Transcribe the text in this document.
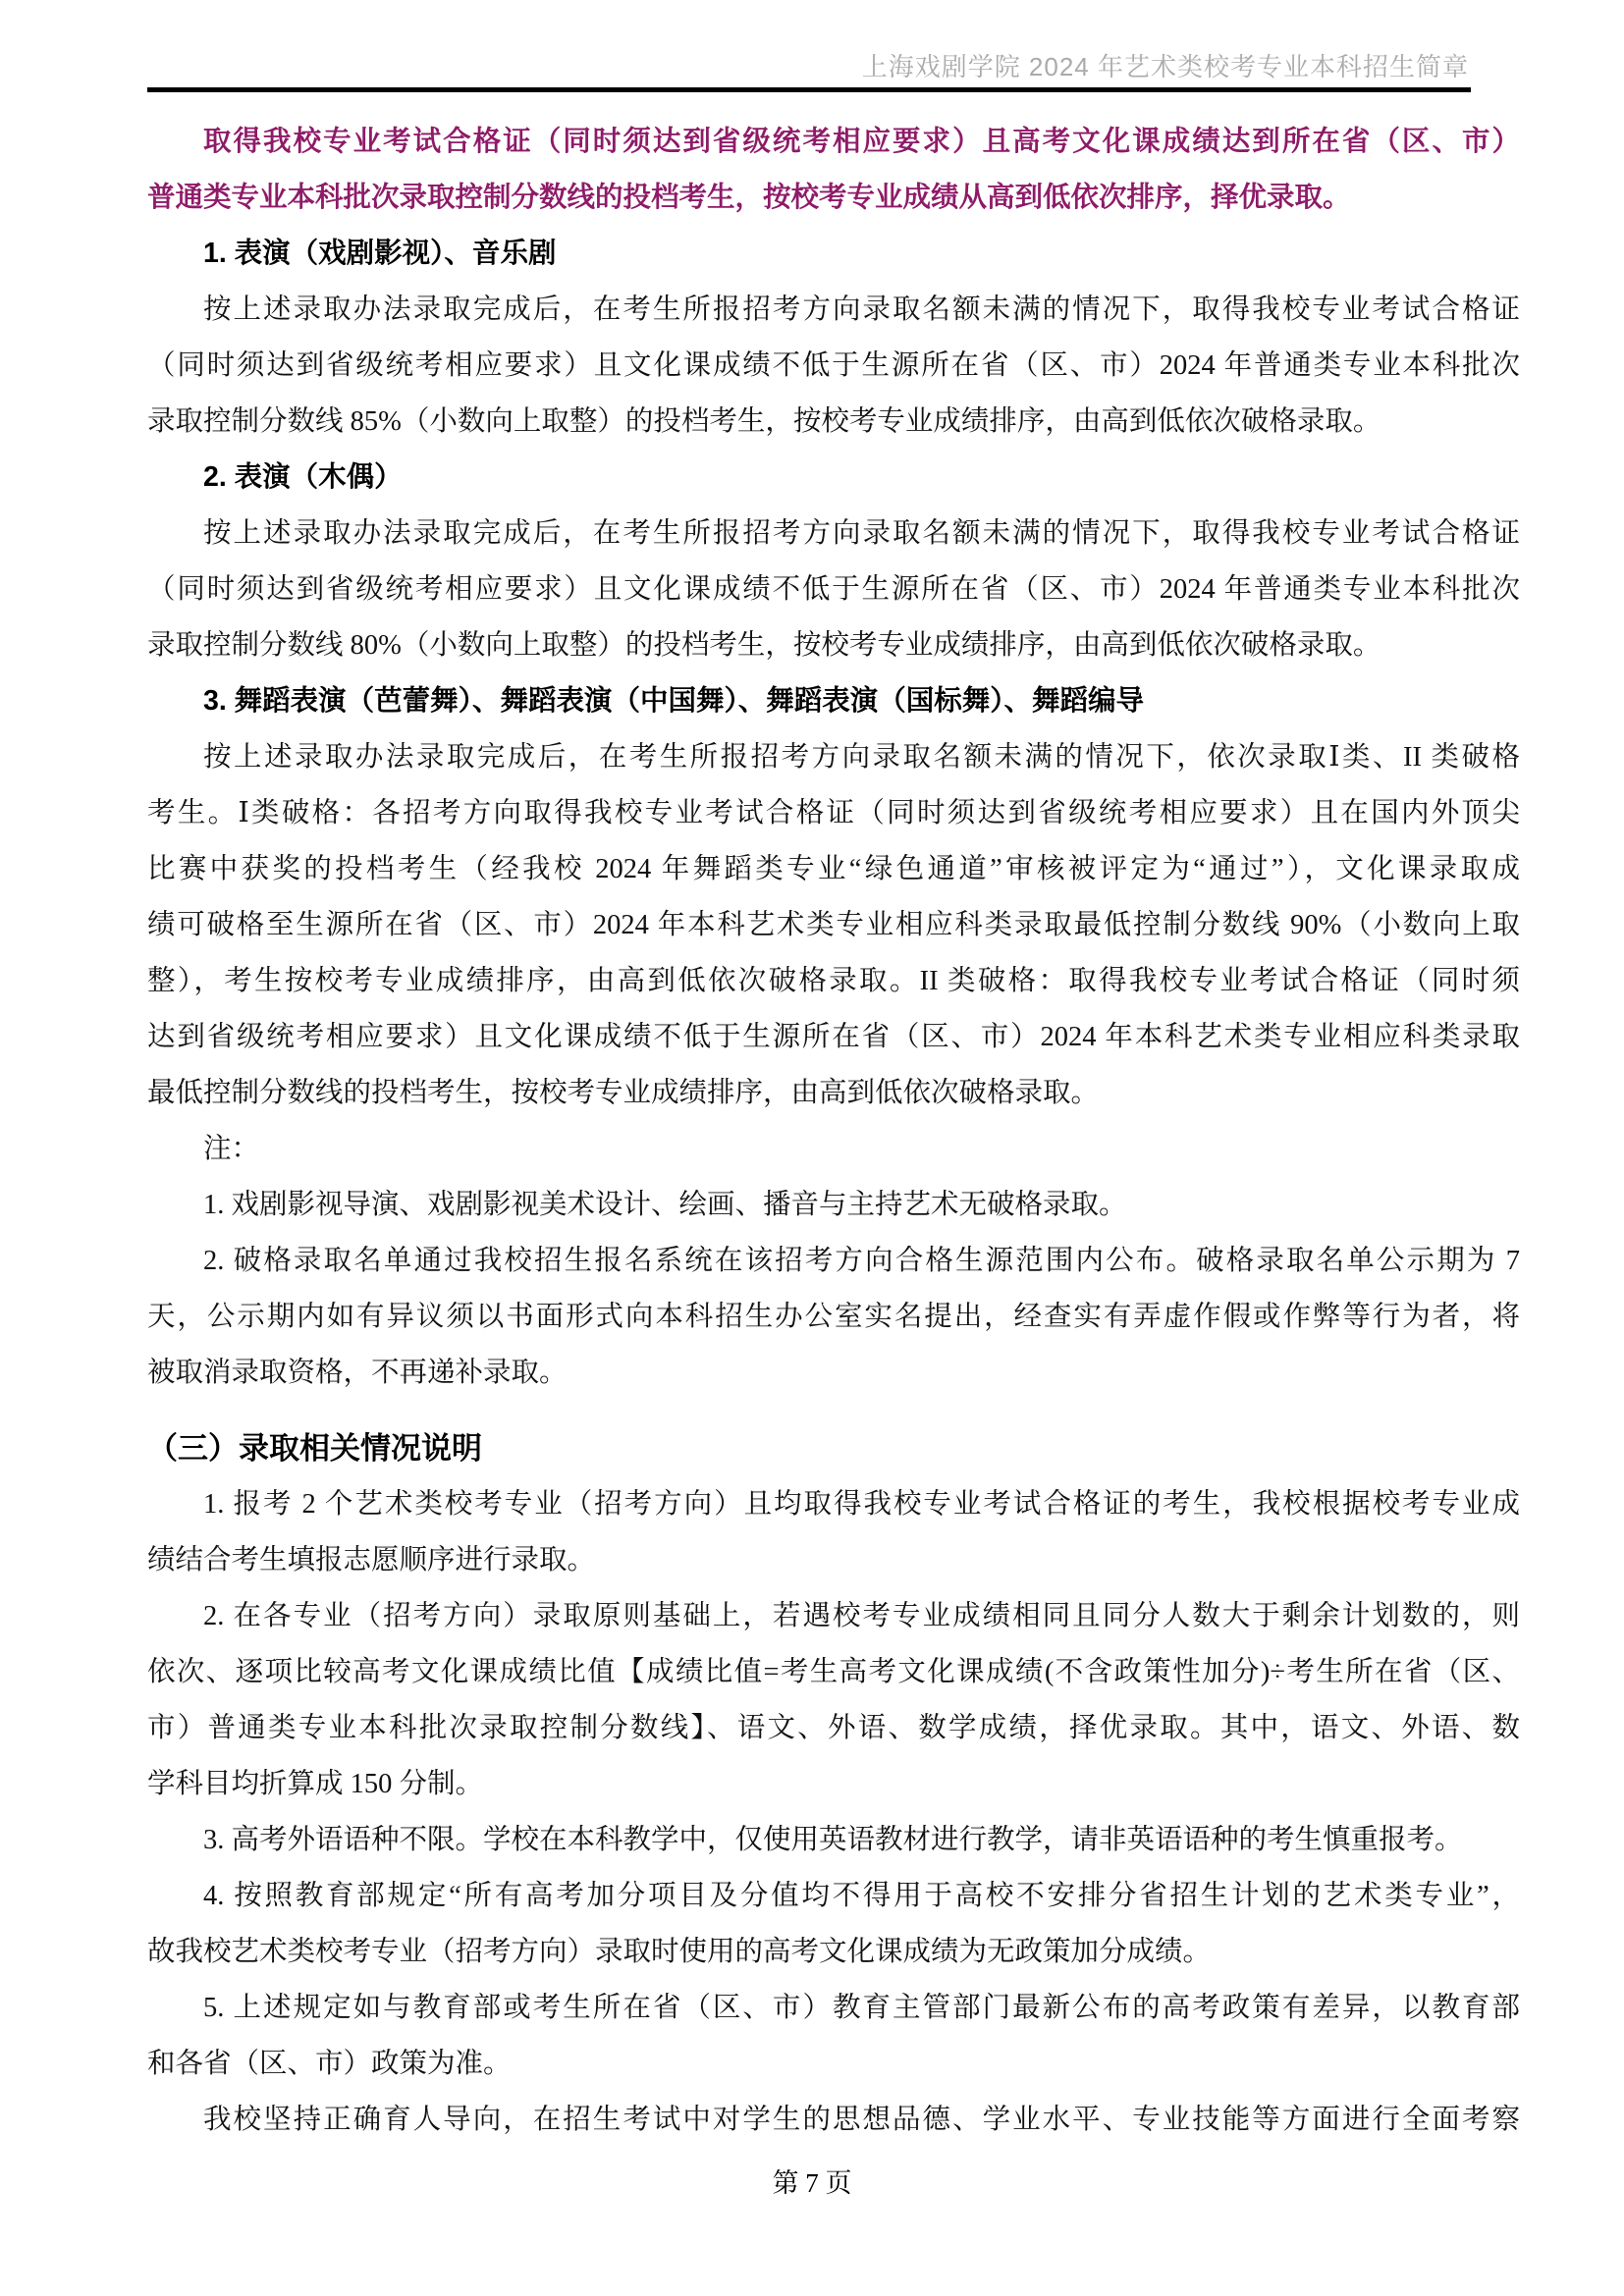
上海戏剧学院 2024 年艺术类校考专业本科招生简章
取得我校专业考试合格证（同时须达到省级统考相应要求）且高考文化课成绩达到所在省（区、市）
普通类专业本科批次录取控制分数线的投档考生，按校考专业成绩从高到低依次排序，择优录取。
1. 表演（戏剧影视）、音乐剧
按上述录取办法录取完成后，在考生所报招考方向录取名额未满的情况下，取得我校专业考试合格证
（同时须达到省级统考相应要求）且文化课成绩不低于生源所在省（区、市）2024 年普通类专业本科批次
录取控制分数线 85%（小数向上取整）的投档考生，按校考专业成绩排序，由高到低依次破格录取。
2. 表演（木偶）
按上述录取办法录取完成后，在考生所报招考方向录取名额未满的情况下，取得我校专业考试合格证
（同时须达到省级统考相应要求）且文化课成绩不低于生源所在省（区、市）2024 年普通类专业本科批次
录取控制分数线 80%（小数向上取整）的投档考生，按校考专业成绩排序，由高到低依次破格录取。
3. 舞蹈表演（芭蕾舞）、舞蹈表演（中国舞）、舞蹈表演（国标舞）、舞蹈编导
按上述录取办法录取完成后，在考生所报招考方向录取名额未满的情况下，依次录取Ⅰ类、II 类破格
考生。Ⅰ类破格：各招考方向取得我校专业考试合格证（同时须达到省级统考相应要求）且在国内外顶尖
比赛中获奖的投档考生（经我校 2024 年舞蹈类专业“绿色通道”审核被评定为“通过”），文化课录取成
绩可破格至生源所在省（区、市）2024 年本科艺术类专业相应科类录取最低控制分数线 90%（小数向上取
整），考生按校考专业成绩排序，由高到低依次破格录取。II 类破格：取得我校专业考试合格证（同时须
达到省级统考相应要求）且文化课成绩不低于生源所在省（区、市）2024 年本科艺术类专业相应科类录取
最低控制分数线的投档考生，按校考专业成绩排序，由高到低依次破格录取。
注：
1. 戏剧影视导演、戏剧影视美术设计、绘画、播音与主持艺术无破格录取。
2. 破格录取名单通过我校招生报名系统在该招考方向合格生源范围内公布。破格录取名单公示期为 7
天，公示期内如有异议须以书面形式向本科招生办公室实名提出，经查实有弄虚作假或作弊等行为者，将
被取消录取资格，不再递补录取。
（三）录取相关情况说明
1. 报考 2 个艺术类校考专业（招考方向）且均取得我校专业考试合格证的考生，我校根据校考专业成
绩结合考生填报志愿顺序进行录取。
2. 在各专业（招考方向）录取原则基础上，若遇校考专业成绩相同且同分人数大于剩余计划数的，则
依次、逐项比较高考文化课成绩比值【成绩比值=考生高考文化课成绩(不含政策性加分)÷考生所在省（区、
市）普通类专业本科批次录取控制分数线】、语文、外语、数学成绩，择优录取。其中，语文、外语、数
学科目均折算成 150 分制。
3. 高考外语语种不限。学校在本科教学中，仅使用英语教材进行教学，请非英语语种的考生慎重报考。
4. 按照教育部规定“所有高考加分项目及分值均不得用于高校不安排分省招生计划的艺术类专业”，
故我校艺术类校考专业（招考方向）录取时使用的高考文化课成绩为无政策加分成绩。
5. 上述规定如与教育部或考生所在省（区、市）教育主管部门最新公布的高考政策有差异，以教育部
和各省（区、市）政策为准。
我校坚持正确育人导向，在招生考试中对学生的思想品德、学业水平、专业技能等方面进行全面考察
第 7 页
